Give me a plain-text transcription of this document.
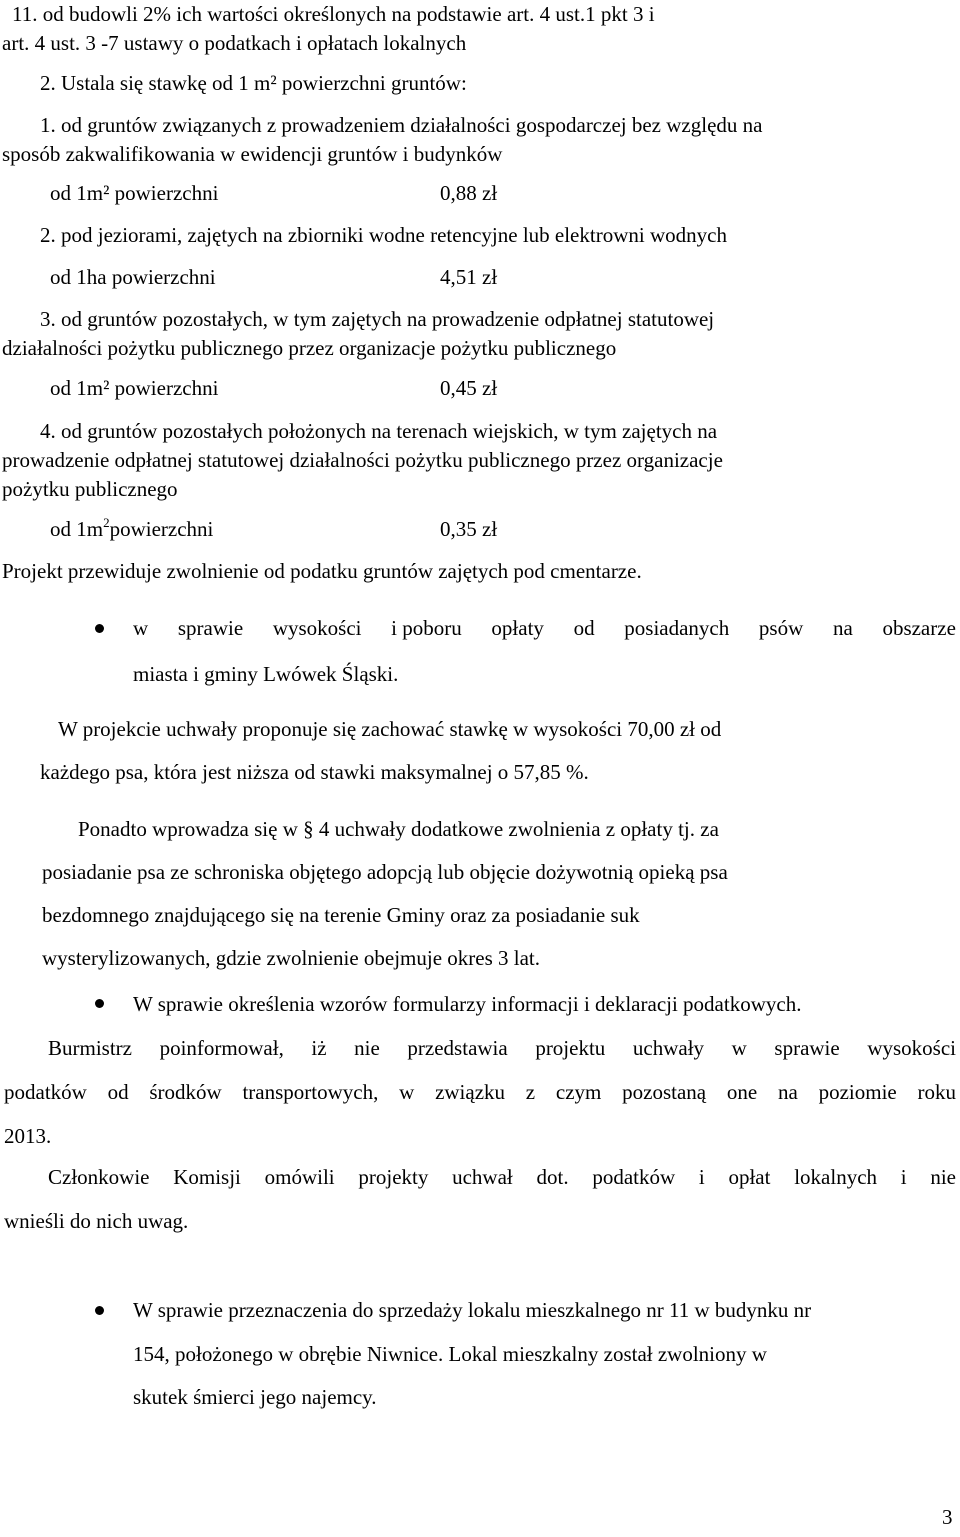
11. od budowli 2% ich wartości określonych na podstawie art. 4 ust.1 pkt 3 i
art. 4 ust. 3 -7 ustawy o podatkach i opłatach lokalnych
2. Ustala się stawkę od 1 m² powierzchni gruntów:
1. od gruntów związanych z prowadzeniem działalności gospodarczej bez względu na
sposób zakwalifikowania w ewidencji gruntów i budynków
od 1m² powierzchni	0,88 zł
2. pod jeziorami, zajętych na zbiorniki wodne retencyjne lub elektrowni wodnych
od 1ha powierzchni	4,51 zł
3. od gruntów pozostałych, w tym zajętych na prowadzenie odpłatnej statutowej
działalności pożytku publicznego przez organizacje pożytku publicznego
od 1m² powierzchni	0,45 zł
4. od gruntów pozostałych położonych na terenach wiejskich, w tym zajętych na
prowadzenie odpłatnej statutowej działalności pożytku publicznego przez organizacje
pożytku publicznego
od $1m^2powierzchni$	0,35 zł
Projekt przewiduje zwolnienie od podatku gruntów zajętych pod cmentarze.
w sprawie wysokości i poboru opłaty od posiadanych psów na obszarze
miasta i gminy Lwówek Śląski.
W projekcie uchwały proponuje się zachować stawkę w wysokości 70,00 zł od
każdego psa, która jest niższa od stawki maksymalnej o 57,85 %.
Ponadto wprowadza się w § 4 uchwały dodatkowe zwolnienia z opłaty tj. za
posiadanie psa ze schroniska objętego adopcją lub objęcie dożywotnią opieką psa
bezdomnego znajdującego się na terenie Gminy oraz za posiadanie suk
wysterylizowanych, gdzie zwolnienie obejmuje okres 3 lat.
W sprawie określenia wzorów formularzy informacji i deklaracji podatkowych.
Burmistrz poinformował, iż nie przedstawia projektu uchwały w sprawie wysokości
podatków od środków transportowych, w związku z czym pozostaną one na poziomie roku
2013.
Członkowie Komisji omówili projekty uchwał dot. podatków i opłat lokalnych i nie
wnieśli do nich uwag.
W sprawie przeznaczenia do sprzedaży lokalu mieszkalnego nr 11 w budynku nr
154, położonego w obrębie Niwnice. Lokal mieszkalny został zwolniony w
skutek śmierci jego najemcy.
3
